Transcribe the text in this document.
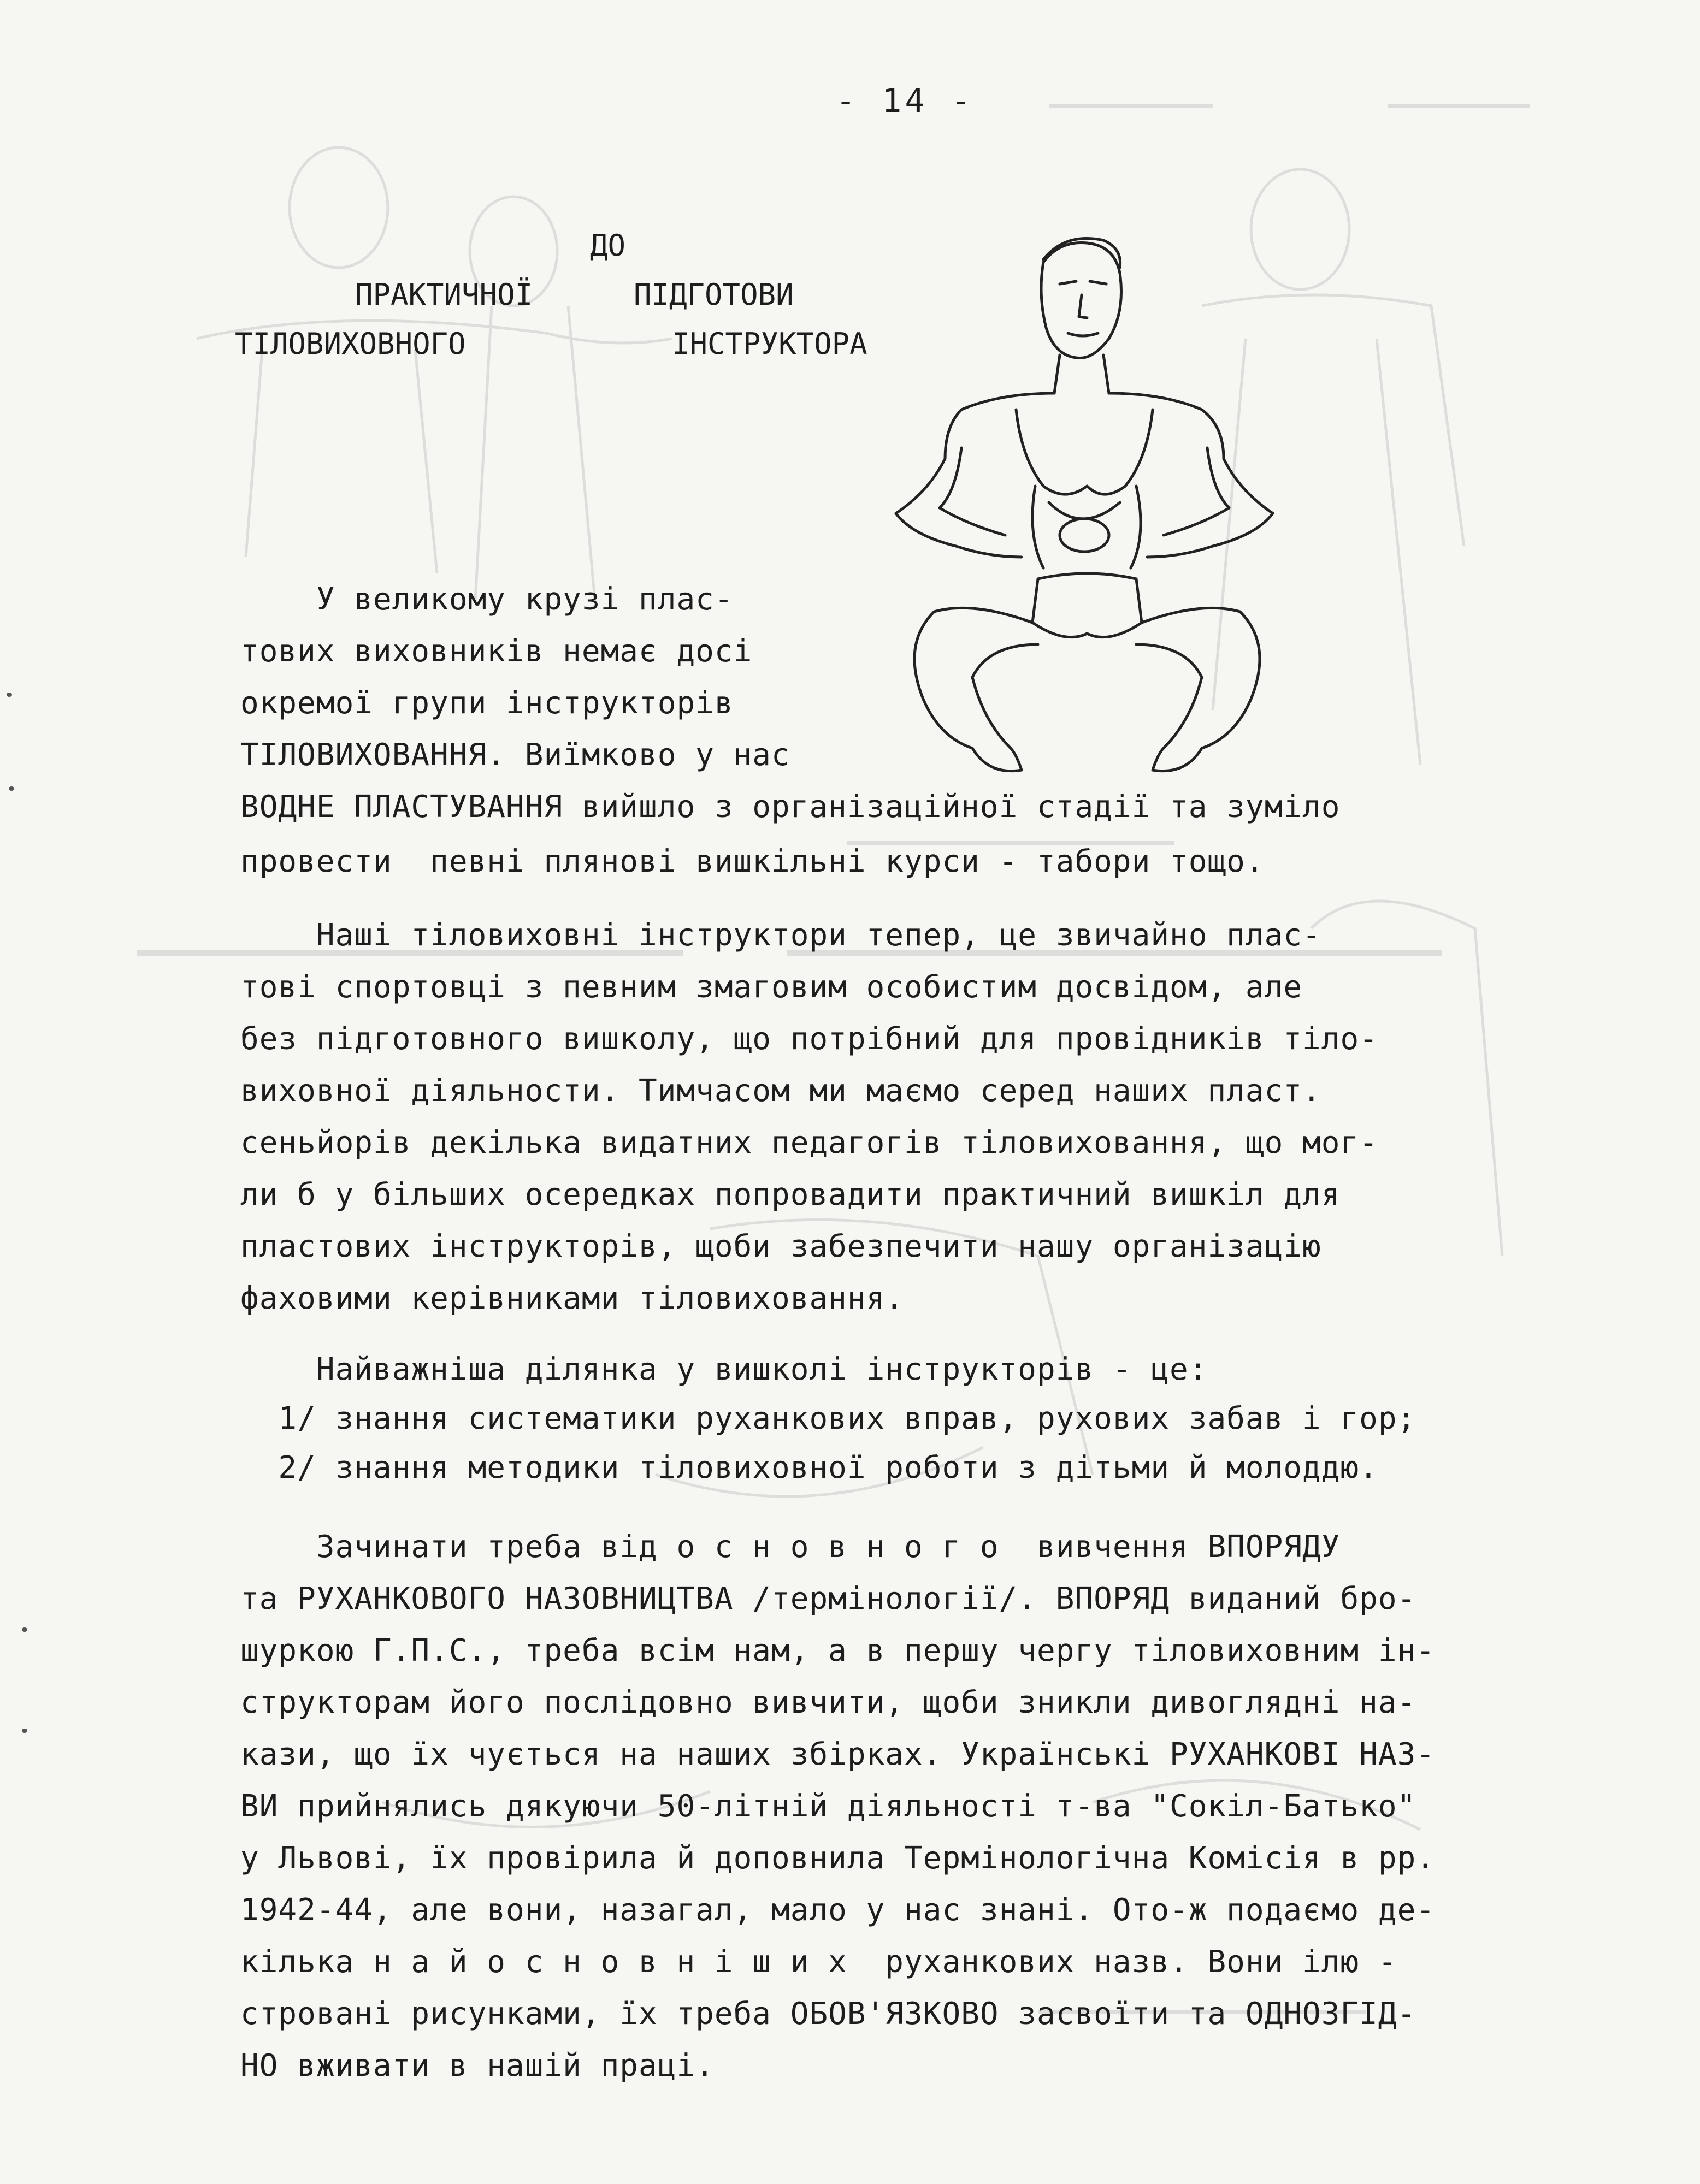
- 14 -
ДО
ПРАКТИЧНОЇ	ПІДГОТОВИ
ТІЛОВИХОВНОГО	ІНСТРУКТОРА
У великому крузі плас-
тових виховників немає досі
окремої групи інструкторів
ТІЛОВИХОВАННЯ. Виїмково у нас
ВОДНЕ ПЛАСТУВАННЯ вийшло з організаційної стадії та зуміло
провести  певні плянові вишкільні курси - табори тощо.
Наші тіловиховні інструктори тепер, це звичайно плас-
тові спортовці з певним змаговим особистим досвідом, але
без підготовного вишколу, що потрібний для провідників тіло-
виховної діяльности. Тимчасом ми маємо серед наших пласт.
сеньйорів декілька видатних педагогів тіловиховання, що мог-
ли б у більших осередках попровадити практичний вишкіл для
пластових інструкторів, щоби забезпечити нашу організацію
фаховими керівниками тіловиховання.
Найважніша ділянка у вишколі інструкторів - це:
1/ знання систематики руханкових вправ, рухових забав і гор;
2/ знання методики тіловиховної роботи з дітьми й молоддю.
Зачинати треба від о с н о в н о г о  вивчення ВПОРЯДУ
та РУХАНКОВОГО НАЗОВНИЦТВА /термінології/. ВПОРЯД виданий бро-
шуркою Г.П.С., треба всім нам, а в першу чергу тіловиховним ін-
структорам його послідовно вивчити, щоби зникли дивоглядні на-
кази, що їх чується на наших збірках. Українські РУХАНКОВІ НАЗ-
ВИ прийнялись дякуючи 50-літній діяльності т-ва "Сокіл-Батько"
у Львові, їх провірила й доповнила Термінологічна Комісія в рр.
1942-44, але вони, назагал, мало у нас знані. Ото-ж подаємо де-
кілька н а й о с н о в н і ш и х  руханкових назв. Вони ілю -
стровані рисунками, їх треба ОБОВ'ЯЗКОВО засвоїти та ОДНОЗГІД-
НО вживати в нашій праці.
